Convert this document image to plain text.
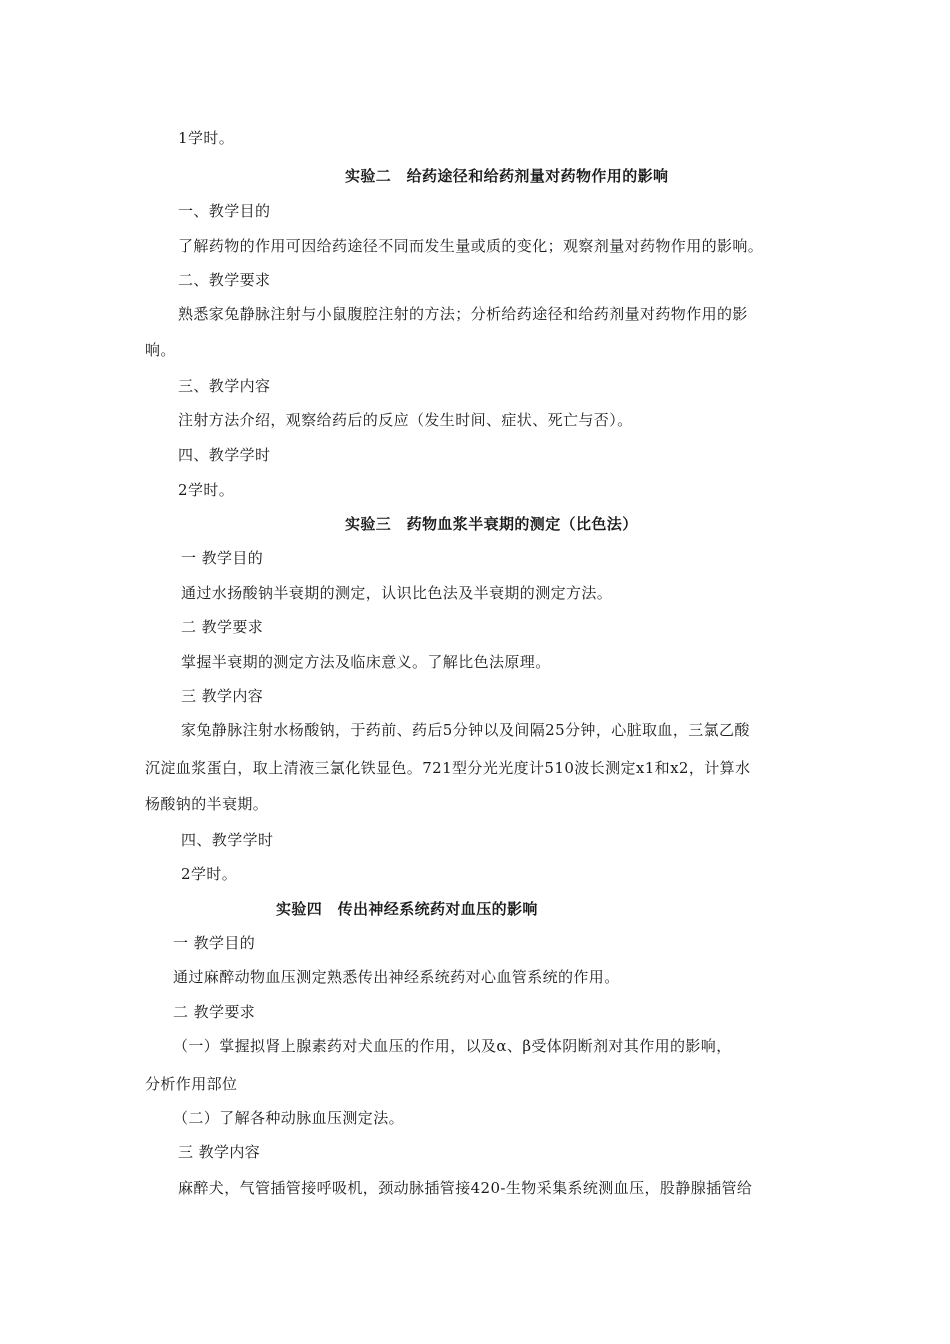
1学时。
实验二　给药途径和给药剂量对药物作用的影响
一、教学目的
了解药物的作用可因给药途径不同而发生量或质的变化；观察剂量对药物作用的影响。
二、教学要求
熟悉家兔静脉注射与小鼠腹腔注射的方法；分析给药途径和给药剂量对药物作用的影
响。
三、教学内容
注射方法介绍，观察给药后的反应（发生时间、症状、死亡与否）。
四、教学学时
2学时。
实验三　药物血浆半衰期的测定（比色法）
一 教学目的
通过水扬酸钠半衰期的测定，认识比色法及半衰期的测定方法。
二 教学要求
掌握半衰期的测定方法及临床意义。了解比色法原理。
三 教学内容
家兔静脉注射水杨酸钠，于药前、药后5分钟以及间隔25分钟，心脏取血，三氯乙酸
沉淀血浆蛋白，取上清液三氯化铁显色。721型分光光度计510波长测定x1和x2，计算水
杨酸钠的半衰期。
四、教学学时
2学时。
实验四　传出神经系统药对血压的影响
一 教学目的
通过麻醉动物血压测定熟悉传出神经系统药对心血管系统的作用。
二 教学要求
（一）掌握拟肾上腺素药对犬血压的作用，以及α、β受体阴断剂对其作用的影响，
分析作用部位
（二）了解各种动脉血压测定法。
三 教学内容
麻醉犬，气管插管接呼吸机，颈动脉插管接420-生物采集系统测血压，股静腺插管给
